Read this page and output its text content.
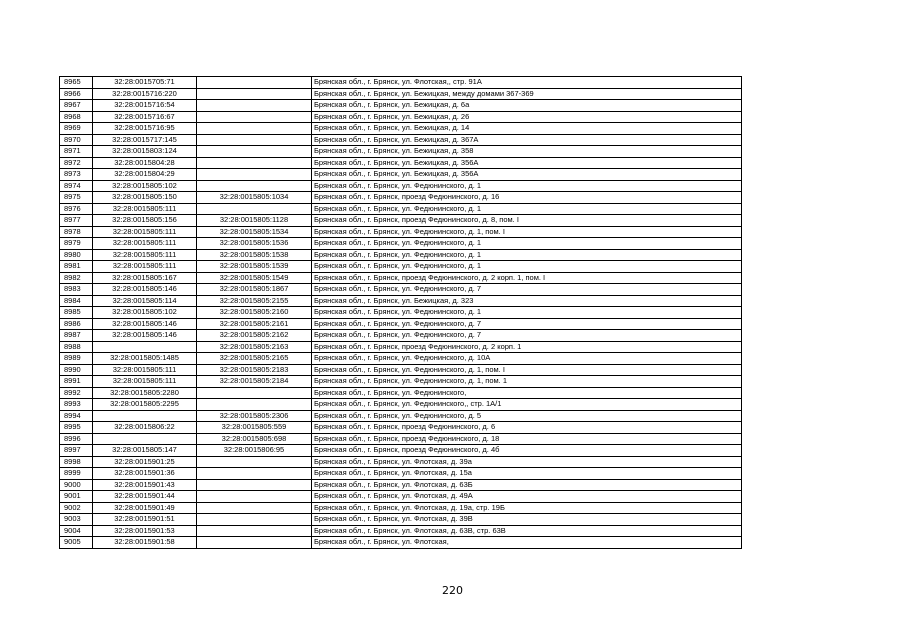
8965	32:28:0015705:71		Брянская обл., г. Брянск, ул. Флотская,, стр. 91А
8966	32:28:0015716:220		Брянская обл., г. Брянск, ул. Бежицкая, между домами 367-369
8967	32:28:0015716:54		Брянская обл., г. Брянск, ул. Бежицкая, д. 6а
8968	32:28:0015716:67		Брянская обл., г. Брянск, ул. Бежицкая, д. 26
8969	32:28:0015716:95		Брянская обл., г. Брянск, ул. Бежицкая, д. 14
8970	32:28:0015717:145		Брянская обл., г. Брянск, ул. Бежицкая, д. 367А
8971	32:28:0015803:124		Брянская обл., г. Брянск, ул. Бежицкая, д. 358
8972	32:28:0015804:28		Брянская обл., г. Брянск, ул. Бежицкая, д. 356А
8973	32:28:0015804:29		Брянская обл., г. Брянск, ул. Бежицкая, д. 356А
8974	32:28:0015805:102		Брянская обл., г. Брянск, ул. Федюнинского, д. 1
8975	32:28:0015805:150	32:28:0015805:1034	Брянская обл., г. Брянск, проезд Федюнинского, д. 16
8976	32:28:0015805:111		Брянская обл., г. Брянск, ул. Федюнинского, д. 1
8977	32:28:0015805:156	32:28:0015805:1128	Брянская обл., г. Брянск, проезд Федюнинского, д. 8, пом. I
8978	32:28:0015805:111	32:28:0015805:1534	Брянская обл., г. Брянск, ул. Федюнинского, д. 1, пом. I
8979	32:28:0015805:111	32:28:0015805:1536	Брянская обл., г. Брянск, ул. Федюнинского, д. 1
8980	32:28:0015805:111	32:28:0015805:1538	Брянская обл., г. Брянск, ул. Федюнинского, д. 1
8981	32:28:0015805:111	32:28:0015805:1539	Брянская обл., г. Брянск, ул. Федюнинского, д. 1
8982	32:28:0015805:167	32:28:0015805:1549	Брянская обл., г. Брянск, проезд Федюнинского, д. 2 корп. 1, пом. I
8983	32:28:0015805:146	32:28:0015805:1867	Брянская обл., г. Брянск, ул. Федюнинского, д. 7
8984	32:28:0015805:114	32:28:0015805:2155	Брянская обл., г. Брянск, ул. Бежицкая, д. 323
8985	32:28:0015805:102	32:28:0015805:2160	Брянская обл., г. Брянск, ул. Федюнинского, д. 1
8986	32:28:0015805:146	32:28:0015805:2161	Брянская обл., г. Брянск, ул. Федюнинского, д. 7
8987	32:28:0015805:146	32:28:0015805:2162	Брянская обл., г. Брянск, ул. Федюнинского, д. 7
8988		32:28:0015805:2163	Брянская обл., г. Брянск, проезд Федюнинского, д. 2 корп. 1
8989	32:28:0015805:1485	32:28:0015805:2165	Брянская обл., г. Брянск, ул. Федюнинского, д. 10А
8990	32:28:0015805:111	32:28:0015805:2183	Брянская обл., г. Брянск, ул. Федюнинского, д. 1, пом. I
8991	32:28:0015805:111	32:28:0015805:2184	Брянская обл., г. Брянск, ул. Федюнинского, д. 1, пом. 1
8992	32:28:0015805:2280		Брянская обл., г. Брянск, ул. Федюнинского,
8993	32:28:0015805:2295		Брянская обл., г. Брянск, ул. Федюнинского,, стр. 1А/1
8994		32:28:0015805:2306	Брянская обл., г. Брянск, ул. Федюнинского, д. 5
8995	32:28:0015806:22	32:28:0015805:559	Брянская обл., г. Брянск, проезд Федюнинского, д. 6
8996		32:28:0015805:698	Брянская обл., г. Брянск, проезд Федюнинского, д. 18
8997	32:28:0015805:147	32:28:0015806:95	Брянская обл., г. Брянск, проезд Федюнинского, д. 4б
8998	32:28:0015901:25		Брянская обл., г. Брянск, ул. Флотская, д. 39а
8999	32:28:0015901:36		Брянская обл., г. Брянск, ул. Флотская, д. 15а
9000	32:28:0015901:43		Брянская обл., г. Брянск, ул. Флотская, д. 63Б
9001	32:28:0015901:44		Брянская обл., г. Брянск, ул. Флотская, д. 49А
9002	32:28:0015901:49		Брянская обл., г. Брянск, ул. Флотская, д. 19а, стр. 19Б
9003	32:28:0015901:51		Брянская обл., г. Брянск, ул. Флотская, д. 39В
9004	32:28:0015901:53		Брянская обл., г. Брянск, ул. Флотская, д. 63В, стр. 63В
9005	32:28:0015901:58		Брянская обл., г. Брянск, ул. Флотская,
220
